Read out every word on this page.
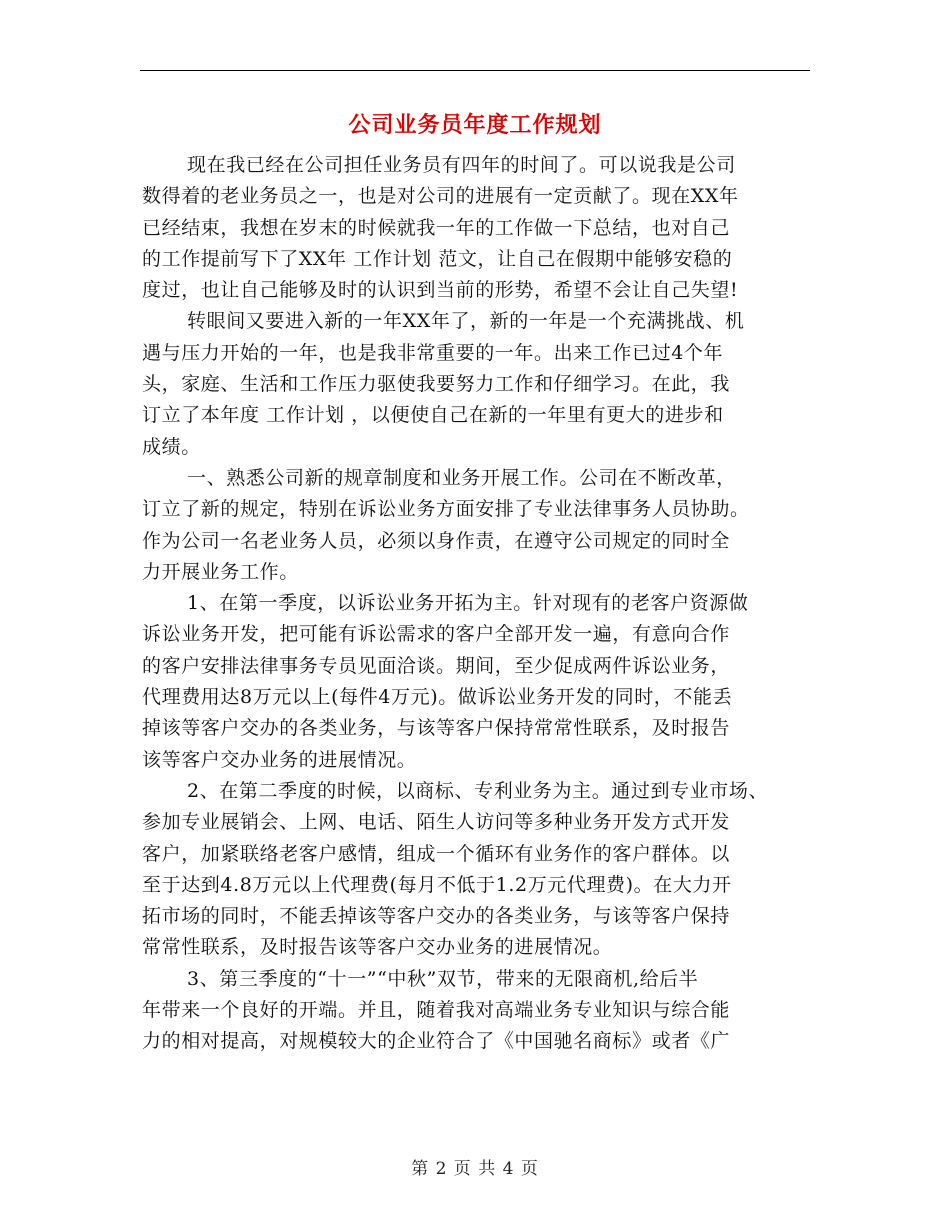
公司业务员年度工作规划
现在我已经在公司担任业务员有四年的时间了。可以说我是公司
数得着的老业务员之一，也是对公司的进展有一定贡献了。现在XX年
已经结束，我想在岁末的时候就我一年的工作做一下总结，也对自己
的工作提前写下了XX年 工作计划 范文，让自己在假期中能够安稳的
度过，也让自己能够及时的认识到当前的形势，希望不会让自己失望!
转眼间又要进入新的一年XX年了，新的一年是一个充满挑战、机
遇与压力开始的一年，也是我非常重要的一年。出来工作已过4个年
头，家庭、生活和工作压力驱使我要努力工作和仔细学习。在此，我
订立了本年度 工作计划 ，以便使自己在新的一年里有更大的进步和
成绩。
一、熟悉公司新的规章制度和业务开展工作。公司在不断改革，
订立了新的规定，特别在诉讼业务方面安排了专业法律事务人员协助。
作为公司一名老业务人员，必须以身作责，在遵守公司规定的同时全
力开展业务工作。
1、在第一季度，以诉讼业务开拓为主。针对现有的老客户资源做
诉讼业务开发，把可能有诉讼需求的客户全部开发一遍，有意向合作
的客户安排法律事务专员见面洽谈。期间，至少促成两件诉讼业务，
代理费用达8万元以上(每件4万元)。做诉讼业务开发的同时，不能丢
掉该等客户交办的各类业务，与该等客户保持常常性联系，及时报告
该等客户交办业务的进展情况。
2、在第二季度的时候，以商标、专利业务为主。通过到专业市场、
参加专业展销会、上网、电话、陌生人访问等多种业务开发方式开发
客户，加紧联络老客户感情，组成一个循环有业务作的客户群体。以
至于达到4.8万元以上代理费(每月不低于1.2万元代理费)。在大力开
拓市场的同时，不能丢掉该等客户交办的各类业务，与该等客户保持
常常性联系，及时报告该等客户交办业务的进展情况。
3、第三季度的“十一”“中秋”双节，带来的无限商机,给后半
年带来一个良好的开端。并且，随着我对高端业务专业知识与综合能
力的相对提高，对规模较大的企业符合了《中国驰名商标》或者《广
第 2 页 共 4 页
